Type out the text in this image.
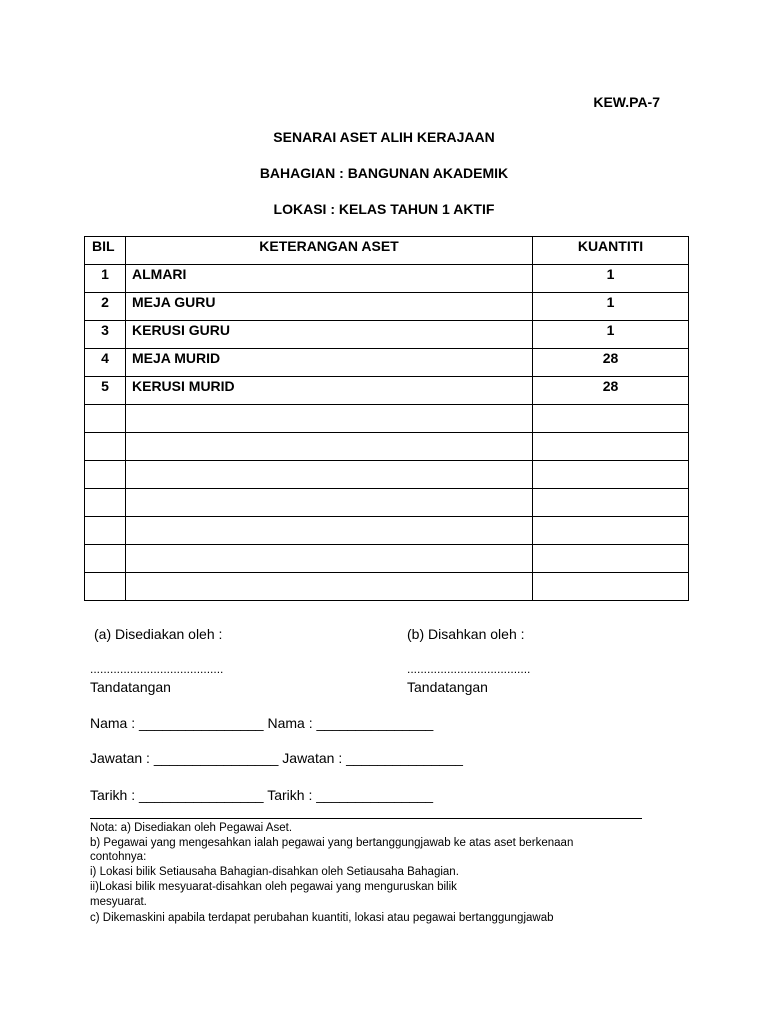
KEW.PA-7
SENARAI ASET ALIH KERAJAAN
BAHAGIAN : BANGUNAN AKADEMIK
LOKASI : KELAS TAHUN 1 AKTIF
BIL	KETERANGAN ASET	KUANTITI
1	ALMARI	1
2	MEJA GURU	1
3	KERUSI GURU	1
4	MEJA MURID	28
5	KERUSI MURID	28

(a) Disediakan oleh :	(b) Disahkan oleh :
........................................	.....................................
Tandatangan	Tandatangan
Nama : ________________ Nama : _______________
Jawatan : ________________ Jawatan : _______________
Tarikh : ________________ Tarikh : _______________
Nota: a) Disediakan oleh Pegawai Aset.
b) Pegawai yang mengesahkan ialah pegawai yang bertanggungjawab ke atas aset berkenaan
contohnya:
i) Lokasi bilik Setiausaha Bahagian-disahkan oleh Setiausaha Bahagian.
ii)Lokasi bilik mesyuarat-disahkan oleh pegawai yang menguruskan bilik
mesyuarat.
c) Dikemaskini apabila terdapat perubahan kuantiti, lokasi atau pegawai bertanggungjawab
